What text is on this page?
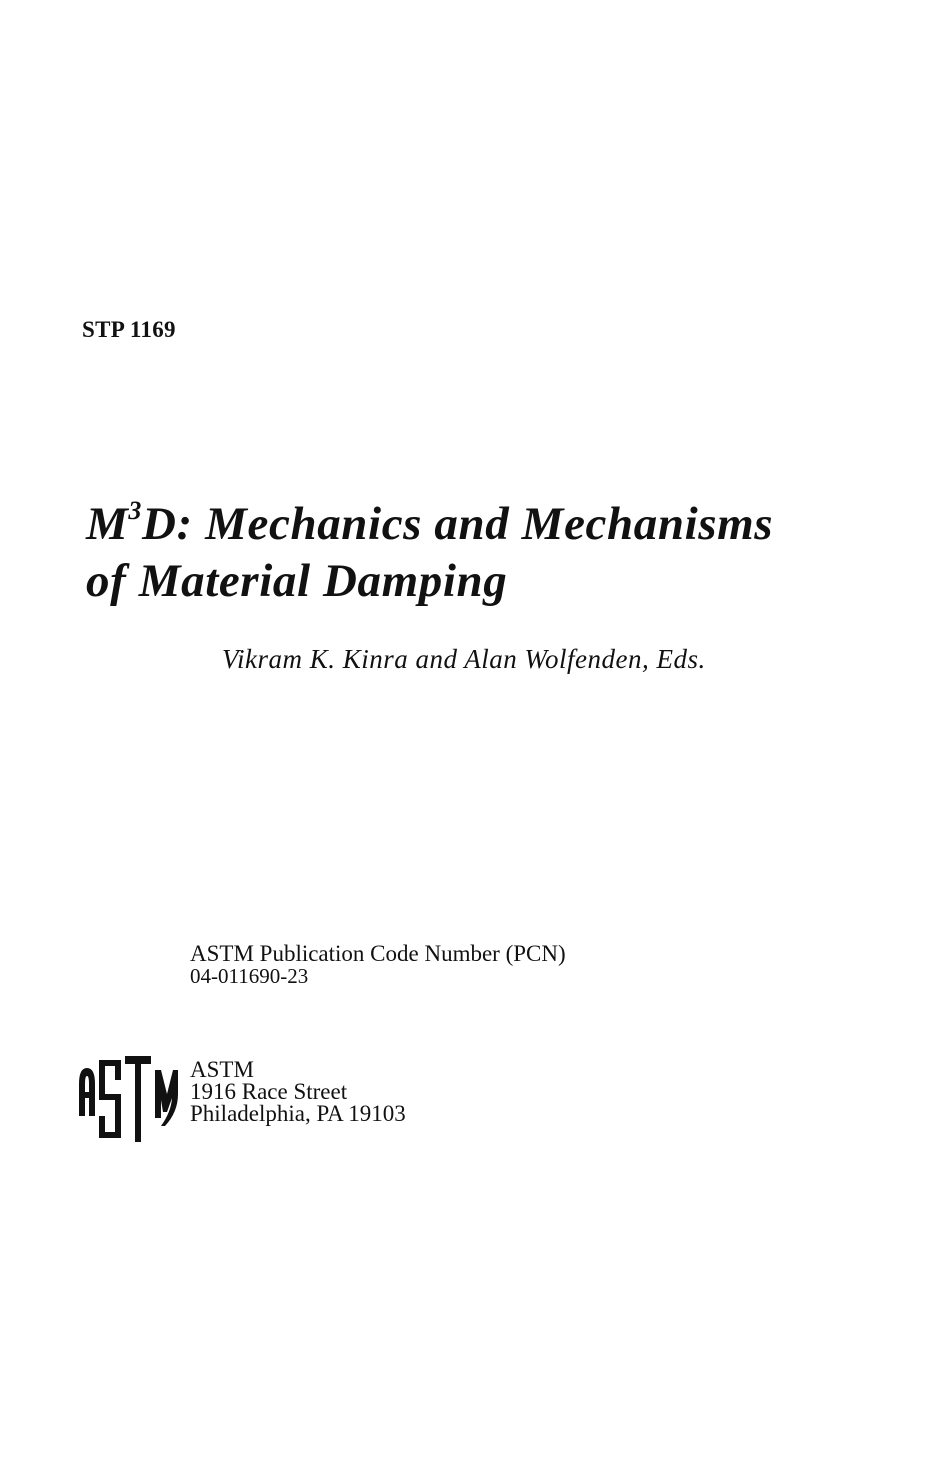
STP 1169
$M^3D$: Mechanics and Mechanisms
of Material Damping
Vikram K. Kinra and Alan Wolfenden, Eds.
ASTM Publication Code Number (PCN)
04-011690-23
ASTM
1916 Race Street
Philadelphia, PA 19103
